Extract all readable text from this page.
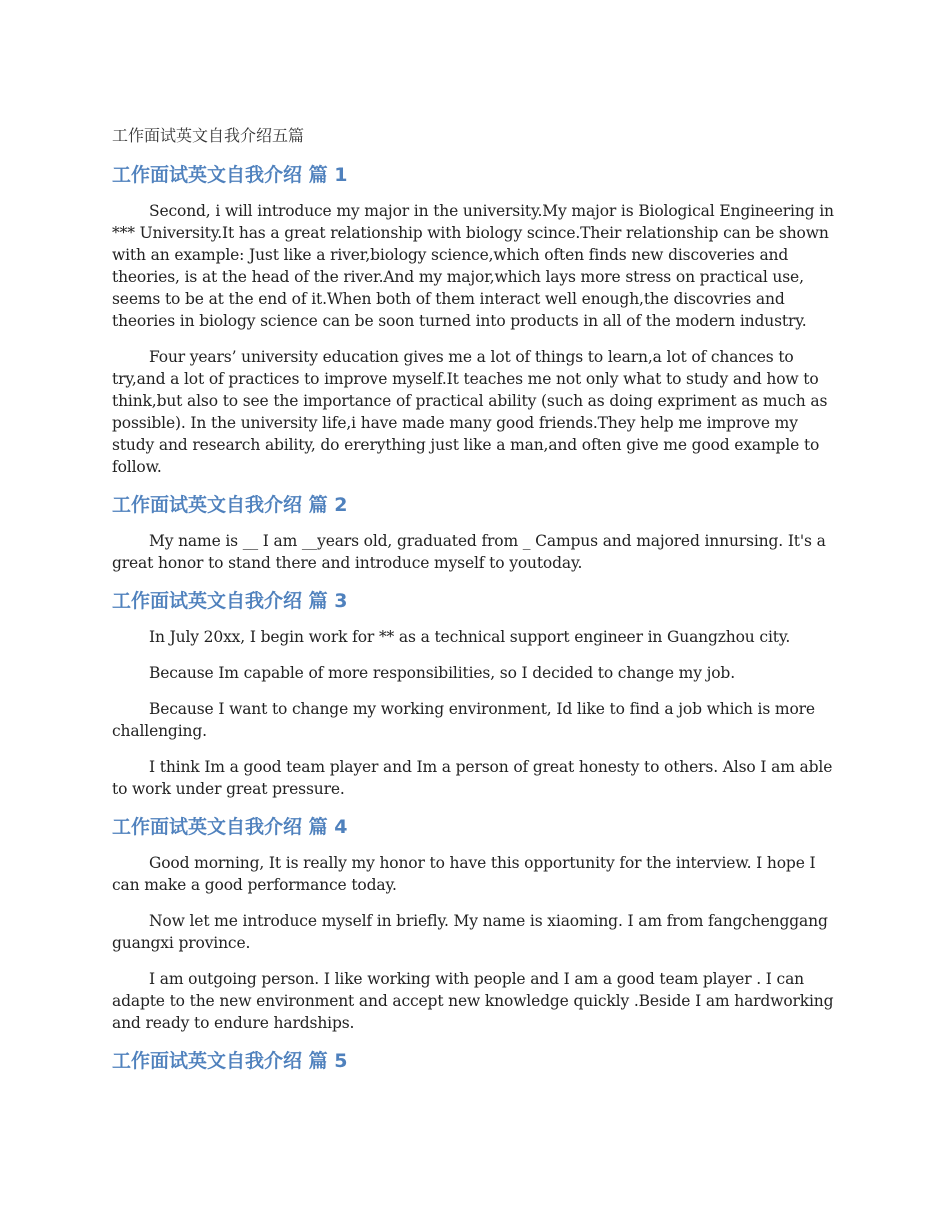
工作面试英文自我介绍五篇
工作面试英文自我介绍 篇 1

Second, i will introduce my major in the university.My major is Biological Engineering in *** University.It has a great relationship with biology scince.Their relationship can be shown with an example: Just like a river,biology science,which often finds new discoveries and theories, is at the head of the river.And my major,which lays more stress on practical use, seems to be at the end of it.When both of them interact well enough,the discovries and theories in biology science can be soon turned into products in all of the modern industry.

Four years’ university education gives me a lot of things to learn,a lot of chances to try,and a lot of practices to improve myself.It teaches me not only what to study and how to think,but also to see the importance of practical ability (such as doing expriment as much as possible). In the university life,i have made many good friends.They help me improve my study and research ability, do ererything just like a man,and often give me good example to follow.

工作面试英文自我介绍 篇 2

My name is __ I am __years old, graduated from _ Campus and majored innursing. It's a great honor to stand there and introduce myself to youtoday.

工作面试英文自我介绍 篇 3

In July 20xx, I begin work for ** as a technical support engineer in Guangzhou city.

Because Im capable of more responsibilities, so I decided to change my job.

Because I want to change my working environment, Id like to find a job which is more challenging.

I think Im a good team player and Im a person of great honesty to others. Also I am able to work under great pressure.

工作面试英文自我介绍 篇 4

Good morning, It is really my honor to have this opportunity for the interview. I hope I can make a good performance today.

Now let me introduce myself in briefly. My name is xiaoming. I am from fangchenggang guangxi province.

I am outgoing person. I like working with people and I am a good team player . I can adapte to the new environment and accept new knowledge quickly .Beside I am hardworking and ready to endure hardships.

工作面试英文自我介绍 篇 5
